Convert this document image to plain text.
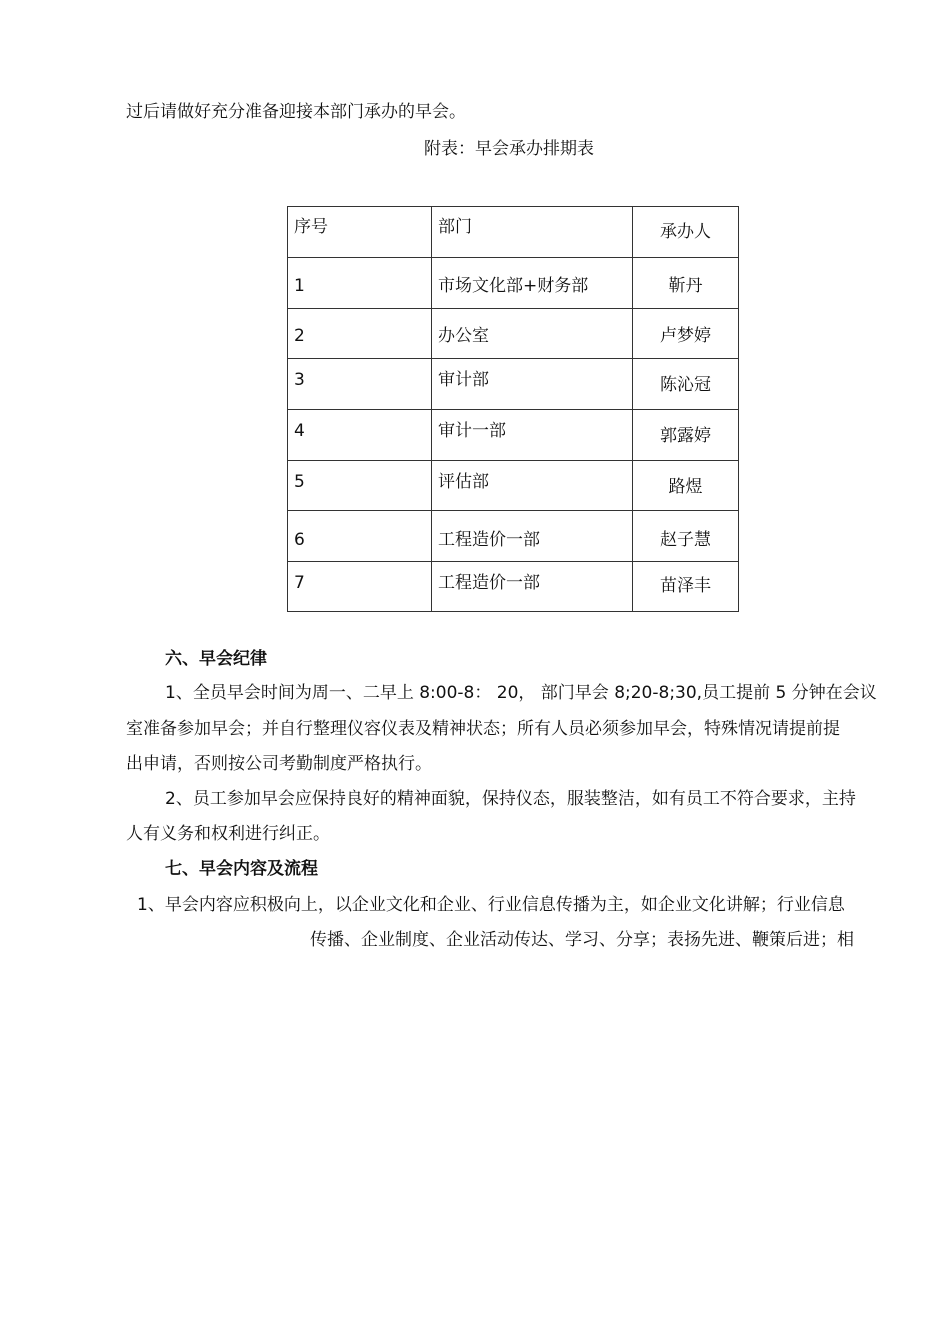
过后请做好充分准备迎接本部门承办的早会。
附表：早会承办排期表
序号	部门	承办人

1	市场文化部+财务部	靳丹

2	办公室	卢梦婷

3	审计部	陈沁冠

4	审计一部	郭露婷

5	评估部	路煜

6	工程造价一部	赵子慧

7	工程造价一部	苗泽丰
六、早会纪律
1、全员早会时间为周一、二早上 8:00-8： 20， 部门早会 8;20-8;30,员工提前 5 分钟在会议
室准备参加早会；并自行整理仪容仪表及精神状态；所有人员必须参加早会，特殊情况请提前提
出申请，否则按公司考勤制度严格执行。
2、员工参加早会应保持良好的精神面貌，保持仪态，服装整洁，如有员工不符合要求，主持
人有义务和权利进行纠正。
七、早会内容及流程
1、早会内容应积极向上，以企业文化和企业、行业信息传播为主，如企业文化讲解；行业信息
传播、企业制度、企业活动传达、学习、分享；表扬先进、鞭策后进；相
